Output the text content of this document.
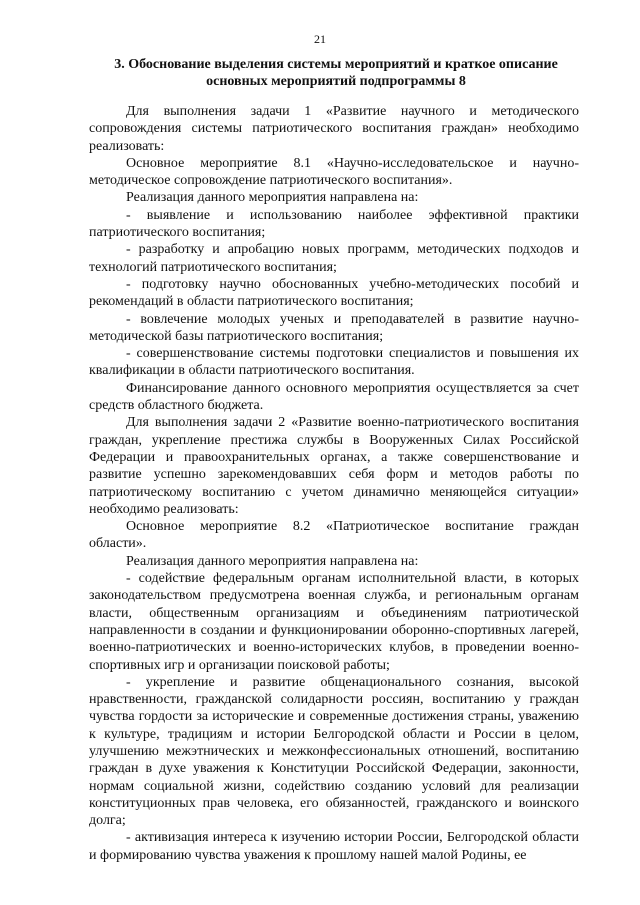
21
3. Обоснование выделения системы мероприятий и краткое описание
основных мероприятий подпрограммы 8

Для выполнения задачи 1 «Развитие научного и методического сопровождения системы патриотического воспитания граждан» необходимо реализовать:

Основное мероприятие 8.1 «Научно-исследовательское и научно-методическое сопровождение патриотического воспитания».

Реализация данного мероприятия направлена на:

- выявление и использованию наиболее эффективной практики патриотического воспитания;

- разработку и апробацию новых программ, методических подходов и технологий патриотического воспитания;

- подготовку научно обоснованных учебно-методических пособий и рекомендаций в области патриотического воспитания;

- вовлечение молодых ученых и преподавателей в развитие научно-методической базы патриотического воспитания;

- совершенствование системы подготовки специалистов и повышения их квалификации в области патриотического воспитания.

Финансирование данного основного мероприятия осуществляется за счет средств областного бюджета.

Для выполнения задачи 2 «Развитие военно-патриотического воспитания граждан, укрепление престижа службы в Вооруженных Силах Российской Федерации и правоохранительных органах, а также совершенствование и развитие успешно зарекомендовавших себя форм и методов работы по патриотическому воспитанию с учетом динамично меняющейся ситуации» необходимо реализовать:

Основное мероприятие 8.2 «Патриотическое воспитание граждан области».

Реализация данного мероприятия направлена на:

- содействие федеральным органам исполнительной власти, в которых законодательством предусмотрена военная служба, и региональным органам власти, общественным организациям и объединениям патриотической направленности в создании и функционировании оборонно-спортивных лагерей, военно-патриотических и военно-исторических клубов, в проведении военно-спортивных игр и организации поисковой работы;

- укрепление и развитие общенационального сознания, высокой нравственности, гражданской солидарности россиян, воспитанию у граждан чувства гордости за исторические и современные достижения страны, уважению к культуре, традициям и истории Белгородской области и России в целом, улучшению межэтнических и межконфессиональных отношений, воспитанию граждан в духе уважения к Конституции Российской Федерации, законности, нормам социальной жизни, содействию созданию условий для реализации конституционных прав человека, его обязанностей, гражданского и воинского долга;

- активизация интереса к изучению истории России, Белгородской области и формированию чувства уважения к прошлому нашей малой Родины, ее
